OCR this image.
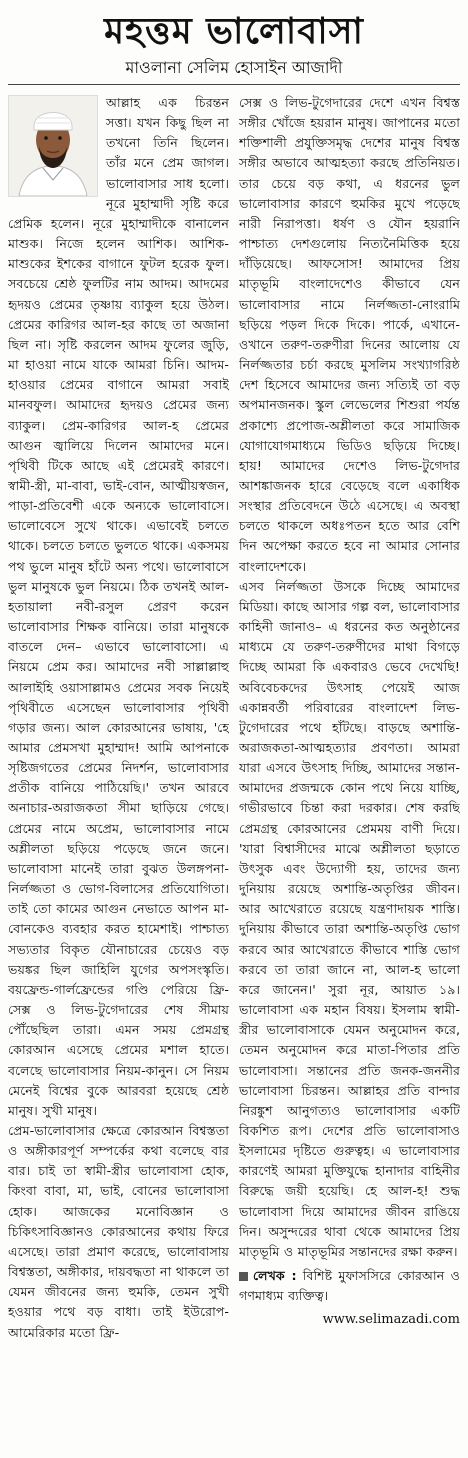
মহত্তম ভালোবাসা
মাওলানা সেলিম হোসাইন আজাদী

আল্লাহ এক চিরন্তন সত্তা। যখন কিছু ছিল না তখনো তিনি ছিলেন। তাঁর মনে প্রেম জাগল। ভালোবাসার সাধ হলো। নূরে মুহাম্মাদী সৃষ্টি করে প্রেমিক হলেন। নূরে মুহাম্মাদীকে বানালেন মাশুক। নিজে হলেন আশিক। আশিক-মাশুকের ইশকের বাগানে ফুটল হরেক ফুল। সবচেয়ে শ্রেষ্ঠ ফুলটির নাম আদম। আদমের হৃদয়ও প্রেমের তৃষ্ণায় ব্যাকুল হয়ে উঠল। প্রেমের কারিগর আল-হর কাছে তা অজানা ছিল না। সৃষ্টি করলেন আদম ফুলের জুড়ি, মা হাওয়া নামে যাকে আমরা চিনি। আদম-হাওয়ার প্রেমের বাগানে আমরা সবাই মানবফুল। আমাদের হৃদয়ও প্রেমের জন্য ব্যাকুল। প্রেম-কারিগর আল-হ প্রেমের আগুন জ্বালিয়ে দিলেন আমাদের মনে। পৃথিবী টিকে আছে এই প্রেমেরই কারণে। স্বামী-স্ত্রী, মা-বাবা, ভাই-বোন, আত্মীয়স্বজন, পাড়া-প্রতিবেশী একে অন্যকে ভালোবাসে। ভালোবেসে সুখে থাকে। এভাবেই চলতে থাকে। চলতে চলতে ভুলতে থাকে। একসময় পথ ভুলে মানুষ হাঁটে অন্য পথে। ভালোবাসে ভুল মানুষকে ভুল নিয়মে। ঠিক তখনই আল-হতায়ালা নবী-রসুল প্রেরণ করেন ভালোবাসার শিক্ষক বানিয়ে। তারা মানুষকে বাতলে দেন– এভাবে ভালোবাসো। এ নিয়মে প্রেম কর। আমাদের নবী সাল্লাল্লাহু আলাইহি ওয়াসাল্লামও প্রেমের সবক নিয়েই পৃথিবীতে এসেছেন ভালোবাসার পৃথিবী গড়ার জন্য। আল কোরআনের ভাষায়, 'হে আমার প্রেমসখা মুহাম্মাদ! আমি আপনাকে সৃষ্টিজগতের প্রেমের নিদর্শন, ভালোবাসার প্রতীক বানিয়ে পাঠিয়েছি।' তখন আরবে অনাচার-অরাজকতা সীমা ছাড়িয়ে গেছে। প্রেমের নামে অপ্রেম, ভালোবাসার নামে অশ্লীলতা ছড়িয়ে পড়েছে জনে জনে। ভালোবাসা মানেই তারা বুঝত উলঙ্গপনা-নির্লজ্জতা ও ভোগ-বিলাসের প্রতিযোগিতা। তাই তো কামের আগুন নেভাতে আপন মা-বোনকেও ব্যবহার করত হামেশাই। পাশ্চাত্য সভ্যতার বিকৃত যৌনাচারের চেয়েও বড় ভয়ঙ্কর ছিল জাহিলি যুগের অপসংস্কৃতি। বয়ফ্রেন্ড-গার্লফ্রেন্ডের গণ্ডি পেরিয়ে ফ্রি-সেক্স ও লিভ-টুগেদারের শেষ সীমায় পৌঁছেছিল তারা। এমন সময় প্রেমগ্রন্থ কোরআন এসেছে প্রেমের মশাল হাতে। বলেছে ভালোবাসার নিয়ম-কানুন। সে নিয়ম মেনেই বিশ্বের বুকে আরবরা হয়েছে শ্রেষ্ঠ মানুষ। সুখী মানুষ।

প্রেম-ভালোবাসার ক্ষেত্রে কোরআন বিশ্বস্ততা ও অঙ্গীকারপূর্ণ সম্পর্কের কথা বলেছে বার বার। চাই তা স্বামী-স্ত্রীর ভালোবাসা হোক, কিংবা বাবা, মা, ভাই, বোনের ভালোবাসা হোক। আজকের মনোবিজ্ঞান ও চিকিৎসাবিজ্ঞানও কোরআনের কথায় ফিরে এসেছে। তারা প্রমাণ করেছে, ভালোবাসায় বিশ্বস্ততা, অঙ্গীকার, দায়বদ্ধতা না থাকলে তা যেমন জীবনের জন্য হুমকি, তেমন সুখী হওয়ার পথে বড় বাধা। তাই ইউরোপ-আমেরিকার মতো ফ্রি-

সেক্স ও লিভ-টুগেদারের দেশে এখন বিশ্বস্ত সঙ্গীর খোঁজে হয়রান মানুষ। জাপানের মতো শক্তিশালী প্রযুক্তিসমৃদ্ধ দেশের মানুষ বিশ্বস্ত সঙ্গীর অভাবে আত্মহত্যা করছে প্রতিনিয়ত। তার চেয়ে বড় কথা, এ ধরনের ভুল ভালোবাসার কারণে হুমকির মুখে পড়েছে নারী নিরাপত্তা। ধর্ষণ ও যৌন হয়রানি পাশ্চাত্য দেশগুলোয় নিত্যনৈমিত্তিক হয়ে দাঁড়িয়েছে। আফসোস! আমাদের প্রিয় মাতৃভূমি বাংলাদেশেও কীভাবে যেন ভালোবাসার নামে নির্লজ্জতা-নোংরামি ছড়িয়ে পড়ল দিকে দিকে। পার্কে, এখানে-ওখানে তরুণ-তরুণীরা দিনের আলোয় যে নির্লজ্জতার চর্চা করছে মুসলিম সংখ্যাগরিষ্ঠ দেশ হিসেবে আমাদের জন্য সত্যিই তা বড় অপমানজনক। স্কুল লেভেলের শিশুরা পর্যন্ত প্রকাশ্যে প্রপোজ-অশ্লীলতা করে সামাজিক যোগাযোগমাধ্যমে ভিডিও ছড়িয়ে দিচ্ছে। হায়! আমাদের দেশেও লিভ-টুগেদার আশঙ্কাজনক হারে বেড়েছে বলে একাধিক সংস্থার প্রতিবেদনে উঠে এসেছে। এ অবস্থা চলতে থাকলে অধঃপতন হতে আর বেশি দিন অপেক্ষা করতে হবে না আমার সোনার বাংলাদেশকে।

এসব নির্লজ্জতা উসকে দিচ্ছে আমাদের মিডিয়া। কাছে আসার গল্প বল, ভালোবাসার কাহিনী জানাও– এ ধরনের কত অনুষ্ঠানের মাধ্যমে যে তরুণ-তরুণীদের মাথা বিগড়ে দিচ্ছে আমরা কি একবারও ভেবে দেখেছি! অবিবেচকদের উৎসাহ পেয়েই আজ একান্নবর্তী পরিবারের বাংলাদেশ লিভ-টুগেদারের পথে হাঁটছে। বাড়ছে অশান্তি-অরাজকতা-আত্মহত্যার প্রবণতা। আমরা যারা এসবে উৎসাহ দিচ্ছি, আমাদের সন্তান-আমাদের প্রজন্মকে কোন পথে নিয়ে যাচ্ছি, গভীরভাবে চিন্তা করা দরকার। শেষ করছি প্রেমগ্রন্থ কোরআনের প্রেমময় বাণী দিয়ে। 'যারা বিশ্বাসীদের মাঝে অশ্লীলতা ছড়াতে উৎসুক এবং উদ্যোগী হয়, তাদের জন্য দুনিয়ায় রয়েছে অশান্তি-অতৃপ্তির জীবন। আর আখেরাতে রয়েছে যন্ত্রণাদায়ক শাস্তি। দুনিয়ায় কীভাবে তারা অশান্তি-অতৃপ্তি ভোগ করবে আর আখেরাতে কীভাবে শাস্তি ভোগ করবে তা তারা জানে না, আল-হ ভালো করে জানেন।' সুরা নূর, আয়াত ১৯। ভালোবাসা এক মহান বিষয়। ইসলাম স্বামী-স্ত্রীর ভালোবাসাকে যেমন অনুমোদন করে, তেমন অনুমোদন করে মাতা-পিতার প্রতি ভালোবাসা। সন্তানের প্রতি জনক-জননীর ভালোবাসা চিরন্তন। আল্লাহর প্রতি বান্দার নিরঙ্কুশ আনুগত্যও ভালোবাসার একটি বিকশিত রূপ। দেশের প্রতি ভালোবাসাও ইসলামের দৃষ্টিতে গুরুত্বহ। এ ভালোবাসার কারণেই আমরা মুক্তিযুদ্ধে হানাদার বাহিনীর বিরুদ্ধে জয়ী হয়েছি। হে আল-হ! শুদ্ধ ভালোবাসা দিয়ে আমাদের জীবন রাঙিয়ে দিন। অসুন্দরের থাবা থেকে আমাদের প্রিয় মাতৃভূমি ও মাতৃভূমির সন্তানদের রক্ষা করুন।

লেখক : বিশিষ্ট মুফাসসিরে কোরআন ও গণমাধ্যম ব্যক্তিত্ব।
www.selimazadi.com
